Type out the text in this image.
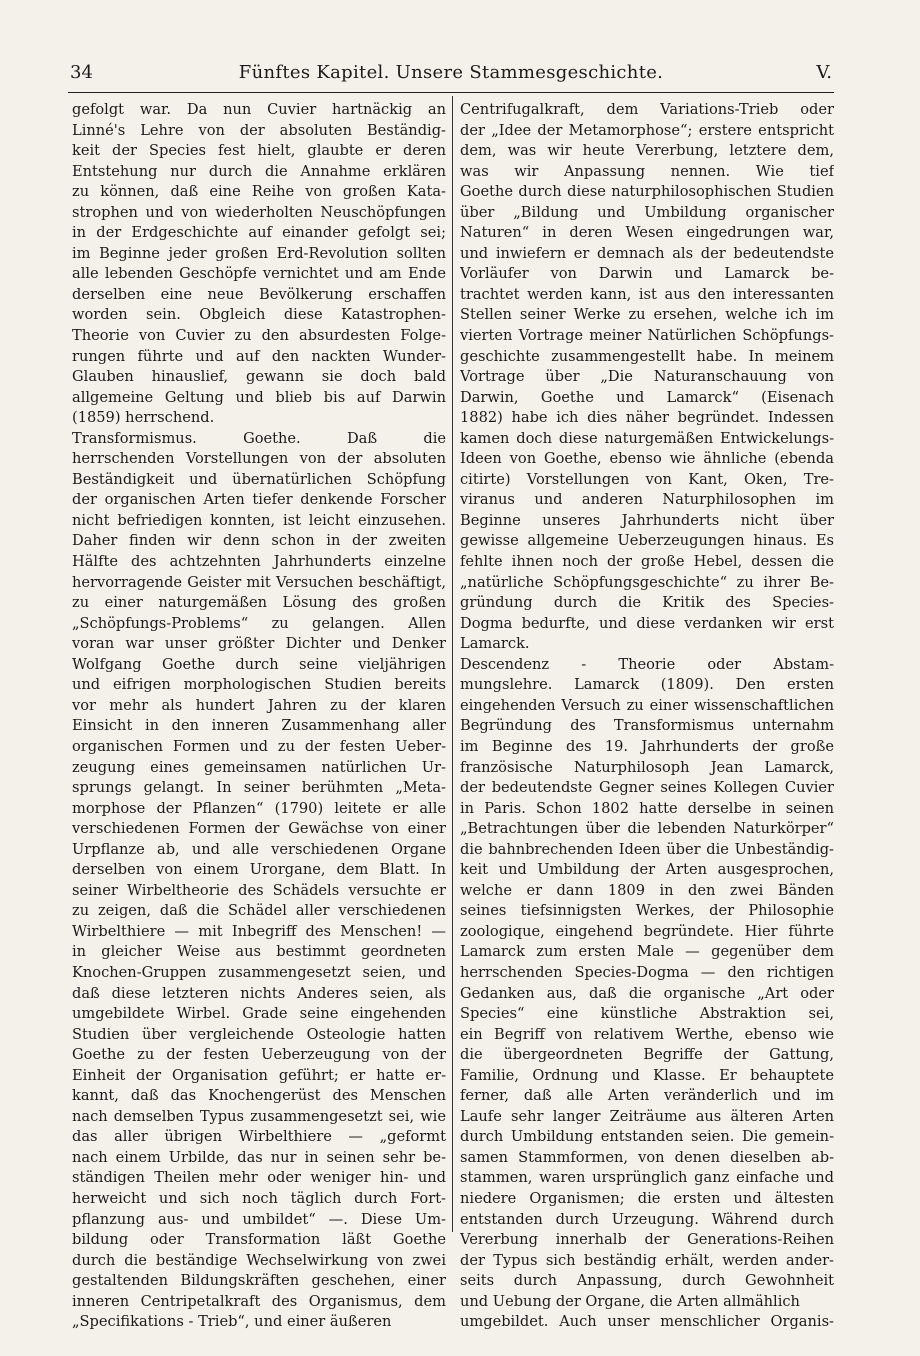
34	Fünftes Kapitel. Unsere Stammesgeschichte.	V.
gefolgt war. Da nun Cuvier hartnäckig an
Linné's Lehre von der absoluten Beständig-
keit der Species fest hielt, glaubte er deren
Entstehung nur durch die Annahme erklären
zu können, daß eine Reihe von großen Kata-
strophen und von wiederholten Neuschöpfungen
in der Erdgeschichte auf einander gefolgt sei;
im Beginne jeder großen Erd-Revolution sollten
alle lebenden Geschöpfe vernichtet und am Ende
derselben eine neue Bevölkerung erschaffen
worden sein. Obgleich diese Katastrophen-
Theorie von Cuvier zu den absurdesten Folge-
rungen führte und auf den nackten Wunder-
Glauben hinauslief, gewann sie doch bald
allgemeine Geltung und blieb bis auf Darwin
(1859) herrschend.
Transformismus. Goethe. Daß die
herrschenden Vorstellungen von der absoluten
Beständigkeit und übernatürlichen Schöpfung
der organischen Arten tiefer denkende Forscher
nicht befriedigen konnten, ist leicht einzusehen.
Daher finden wir denn schon in der zweiten
Hälfte des achtzehnten Jahrhunderts einzelne
hervorragende Geister mit Versuchen beschäftigt,
zu einer naturgemäßen Lösung des großen
„Schöpfungs-Problems“ zu gelangen. Allen
voran war unser größter Dichter und Denker
Wolfgang Goethe durch seine vieljährigen
und eifrigen morphologischen Studien bereits
vor mehr als hundert Jahren zu der klaren
Einsicht in den inneren Zusammenhang aller
organischen Formen und zu der festen Ueber-
zeugung eines gemeinsamen natürlichen Ur-
sprungs gelangt. In seiner berühmten „Meta-
morphose der Pflanzen“ (1790) leitete er alle
verschiedenen Formen der Gewächse von einer
Urpflanze ab, und alle verschiedenen Organe
derselben von einem Urorgane, dem Blatt. In
seiner Wirbeltheorie des Schädels versuchte er
zu zeigen, daß die Schädel aller verschiedenen
Wirbelthiere — mit Inbegriff des Menschen! —
in gleicher Weise aus bestimmt geordneten
Knochen-Gruppen zusammengesetzt seien, und
daß diese letzteren nichts Anderes seien, als
umgebildete Wirbel. Grade seine eingehenden
Studien über vergleichende Osteologie hatten
Goethe zu der festen Ueberzeugung von der
Einheit der Organisation geführt; er hatte er-
kannt, daß das Knochengerüst des Menschen
nach demselben Typus zusammengesetzt sei, wie
das aller übrigen Wirbelthiere — „geformt
nach einem Urbilde, das nur in seinen sehr be-
ständigen Theilen mehr oder weniger hin- und
herweicht und sich noch täglich durch Fort-
pflanzung aus- und umbildet“ —. Diese Um-
bildung oder Transformation läßt Goethe
durch die beständige Wechselwirkung von zwei
gestaltenden Bildungskräften geschehen, einer
inneren Centripetalkraft des Organismus, dem
„Specifikations - Trieb“, und einer äußeren
Centrifugalkraft, dem Variations-Trieb oder
der „Idee der Metamorphose“; erstere entspricht
dem, was wir heute Vererbung, letztere dem,
was wir Anpassung nennen. Wie tief
Goethe durch diese naturphilosophischen Studien
über „Bildung und Umbildung organischer
Naturen“ in deren Wesen eingedrungen war,
und inwiefern er demnach als der bedeutendste
Vorläufer von Darwin und Lamarck be-
trachtet werden kann, ist aus den interessanten
Stellen seiner Werke zu ersehen, welche ich im
vierten Vortrage meiner Natürlichen Schöpfungs-
geschichte zusammengestellt habe. In meinem
Vortrage über „Die Naturanschauung von
Darwin, Goethe und Lamarck“ (Eisenach
1882) habe ich dies näher begründet. Indessen
kamen doch diese naturgemäßen Entwickelungs-
Ideen von Goethe, ebenso wie ähnliche (ebenda
citirte) Vorstellungen von Kant, Oken, Tre-
viranus und anderen Naturphilosophen im
Beginne unseres Jahrhunderts nicht über
gewisse allgemeine Ueberzeugungen hinaus. Es
fehlte ihnen noch der große Hebel, dessen die
„natürliche Schöpfungsgeschichte“ zu ihrer Be-
gründung durch die Kritik des Species-
Dogma bedurfte, und diese verdanken wir erst
Lamarck.
Descendenz - Theorie oder Abstam-
mungslehre. Lamarck (1809). Den ersten
eingehenden Versuch zu einer wissenschaftlichen
Begründung des Transformismus unternahm
im Beginne des 19. Jahrhunderts der große
französische Naturphilosoph Jean Lamarck,
der bedeutendste Gegner seines Kollegen Cuvier
in Paris. Schon 1802 hatte derselbe in seinen
„Betrachtungen über die lebenden Naturkörper“
die bahnbrechenden Ideen über die Unbeständig-
keit und Umbildung der Arten ausgesprochen,
welche er dann 1809 in den zwei Bänden
seines tiefsinnigsten Werkes, der Philosophie
zoologique, eingehend begründete. Hier führte
Lamarck zum ersten Male — gegenüber dem
herrschenden Species-Dogma — den richtigen
Gedanken aus, daß die organische „Art oder
Species“ eine künstliche Abstraktion sei,
ein Begriff von relativem Werthe, ebenso wie
die übergeordneten Begriffe der Gattung,
Familie, Ordnung und Klasse. Er behauptete
ferner, daß alle Arten veränderlich und im
Laufe sehr langer Zeiträume aus älteren Arten
durch Umbildung entstanden seien. Die gemein-
samen Stammformen, von denen dieselben ab-
stammen, waren ursprünglich ganz einfache und
niedere Organismen; die ersten und ältesten
entstanden durch Urzeugung. Während durch
Vererbung innerhalb der Generations-Reihen
der Typus sich beständig erhält, werden ander-
seits durch Anpassung, durch Gewohnheit
und Uebung der Organe, die Arten allmählich
umgebildet. Auch unser menschlicher Organis-
